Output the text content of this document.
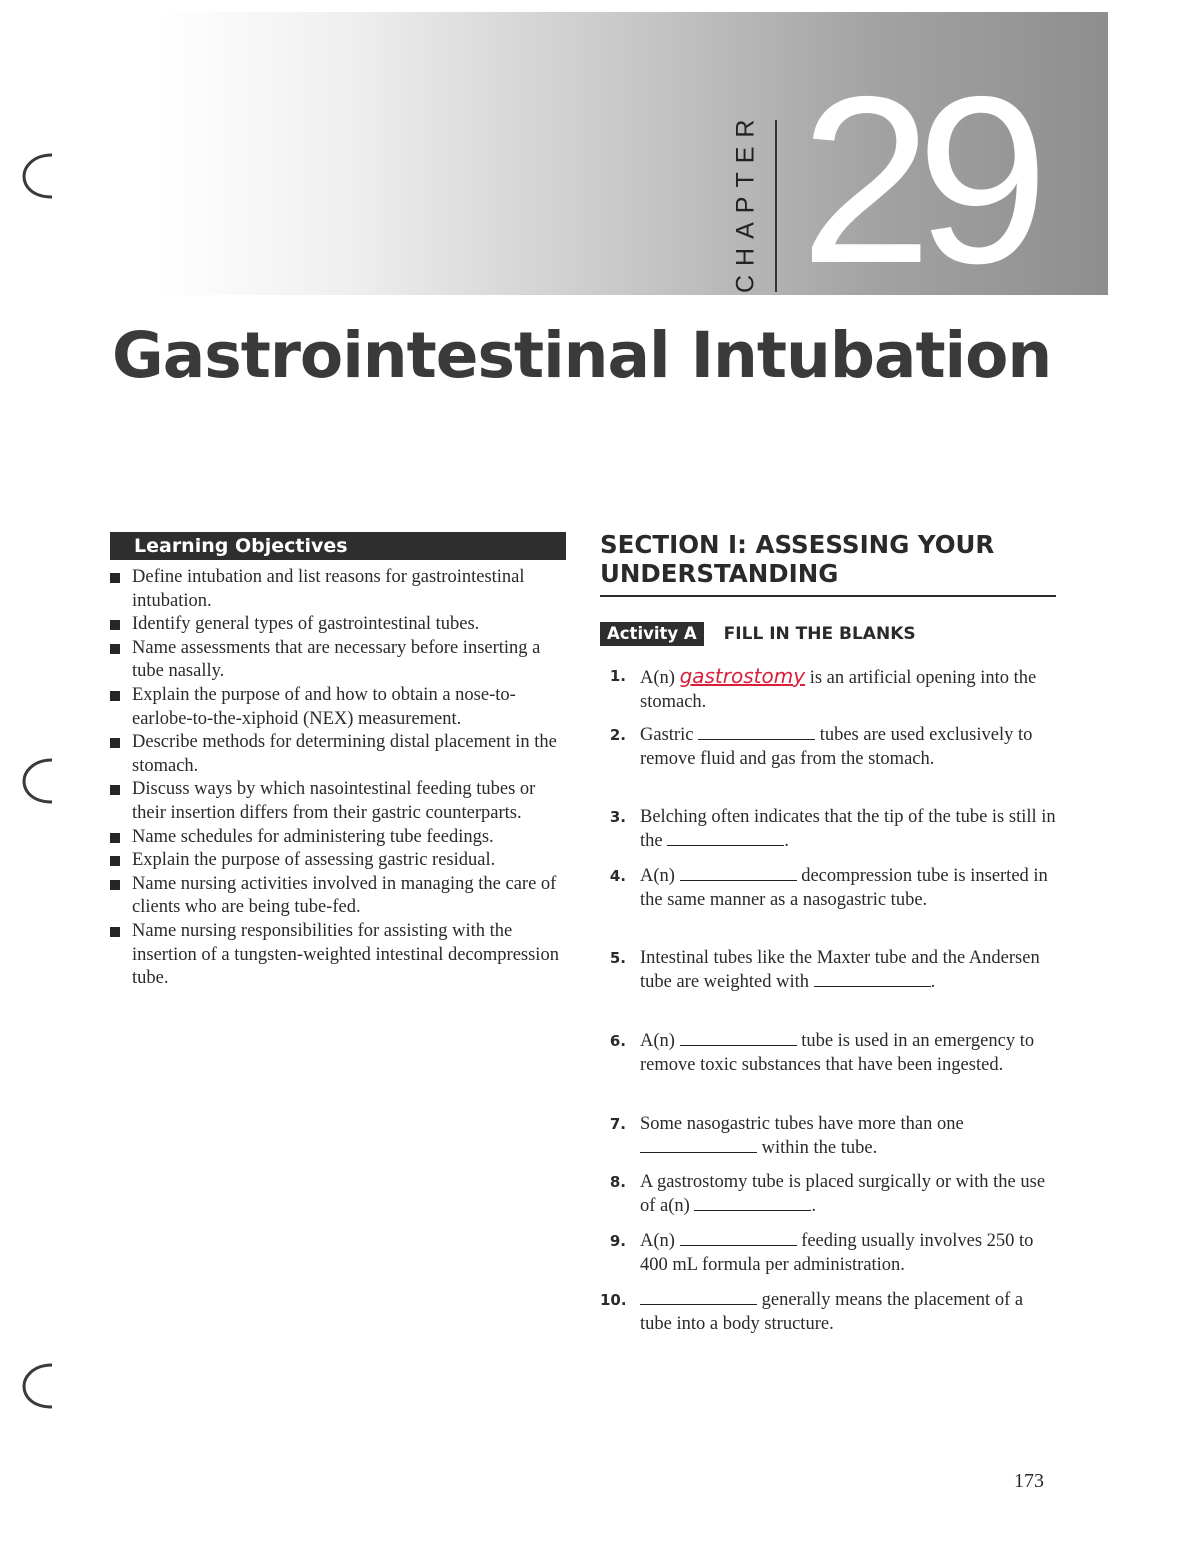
CHAPTER 29
Gastrointestinal Intubation
Learning Objectives
Define intubation and list reasons for gastrointestinal intubation.
Identify general types of gastrointestinal tubes.
Name assessments that are necessary before inserting a tube nasally.
Explain the purpose of and how to obtain a nose-to-earlobe-to-the-xiphoid (NEX) measurement.
Describe methods for determining distal placement in the stomach.
Discuss ways by which nasointestinal feeding tubes or their insertion differs from their gastric counterparts.
Name schedules for administering tube feedings.
Explain the purpose of assessing gastric residual.
Name nursing activities involved in managing the care of clients who are being tube-fed.
Name nursing responsibilities for assisting with the insertion of a tungsten-weighted intestinal decompression tube.
SECTION I: ASSESSING YOUR UNDERSTANDING
Activity A	FILL IN THE BLANKS
1. A(n) gastrostomy is an artificial opening into the stomach.
2. Gastric	tubes are used exclusively to remove fluid and gas from the stomach.
3. Belching often indicates that the tip of the tube is still in the	.
4. A(n)	decompression tube is inserted in the same manner as a nasogastric tube.
5. Intestinal tubes like the Maxter tube and the Andersen tube are weighted with	.
6. A(n)	tube is used in an emergency to remove toxic substances that have been ingested.
7. Some nasogastric tubes have more than one  within the tube.
8. A gastrostomy tube is placed surgically or with the use of a(n)	.
9. A(n)	feeding usually involves 250 to 400 mL formula per administration.
10.	generally means the placement of a tube into a body structure.
173
